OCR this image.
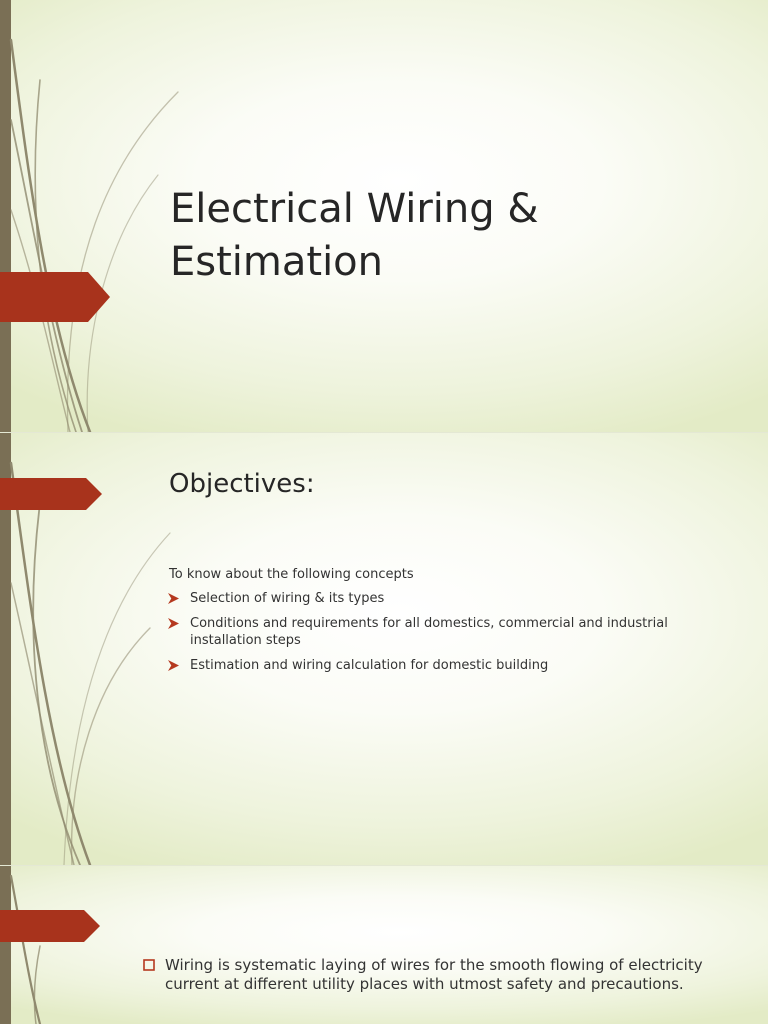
Electrical Wiring & Estimation
Objectives:

To know about the following concepts

Selection of wiring & its types
Conditions and requirements for all domestics, commercial and industrial installation steps
Estimation and wiring calculation for domestic building

Wiring is systematic laying of wires for the smooth flowing of electricity current at different utility places with utmost safety and precautions.
